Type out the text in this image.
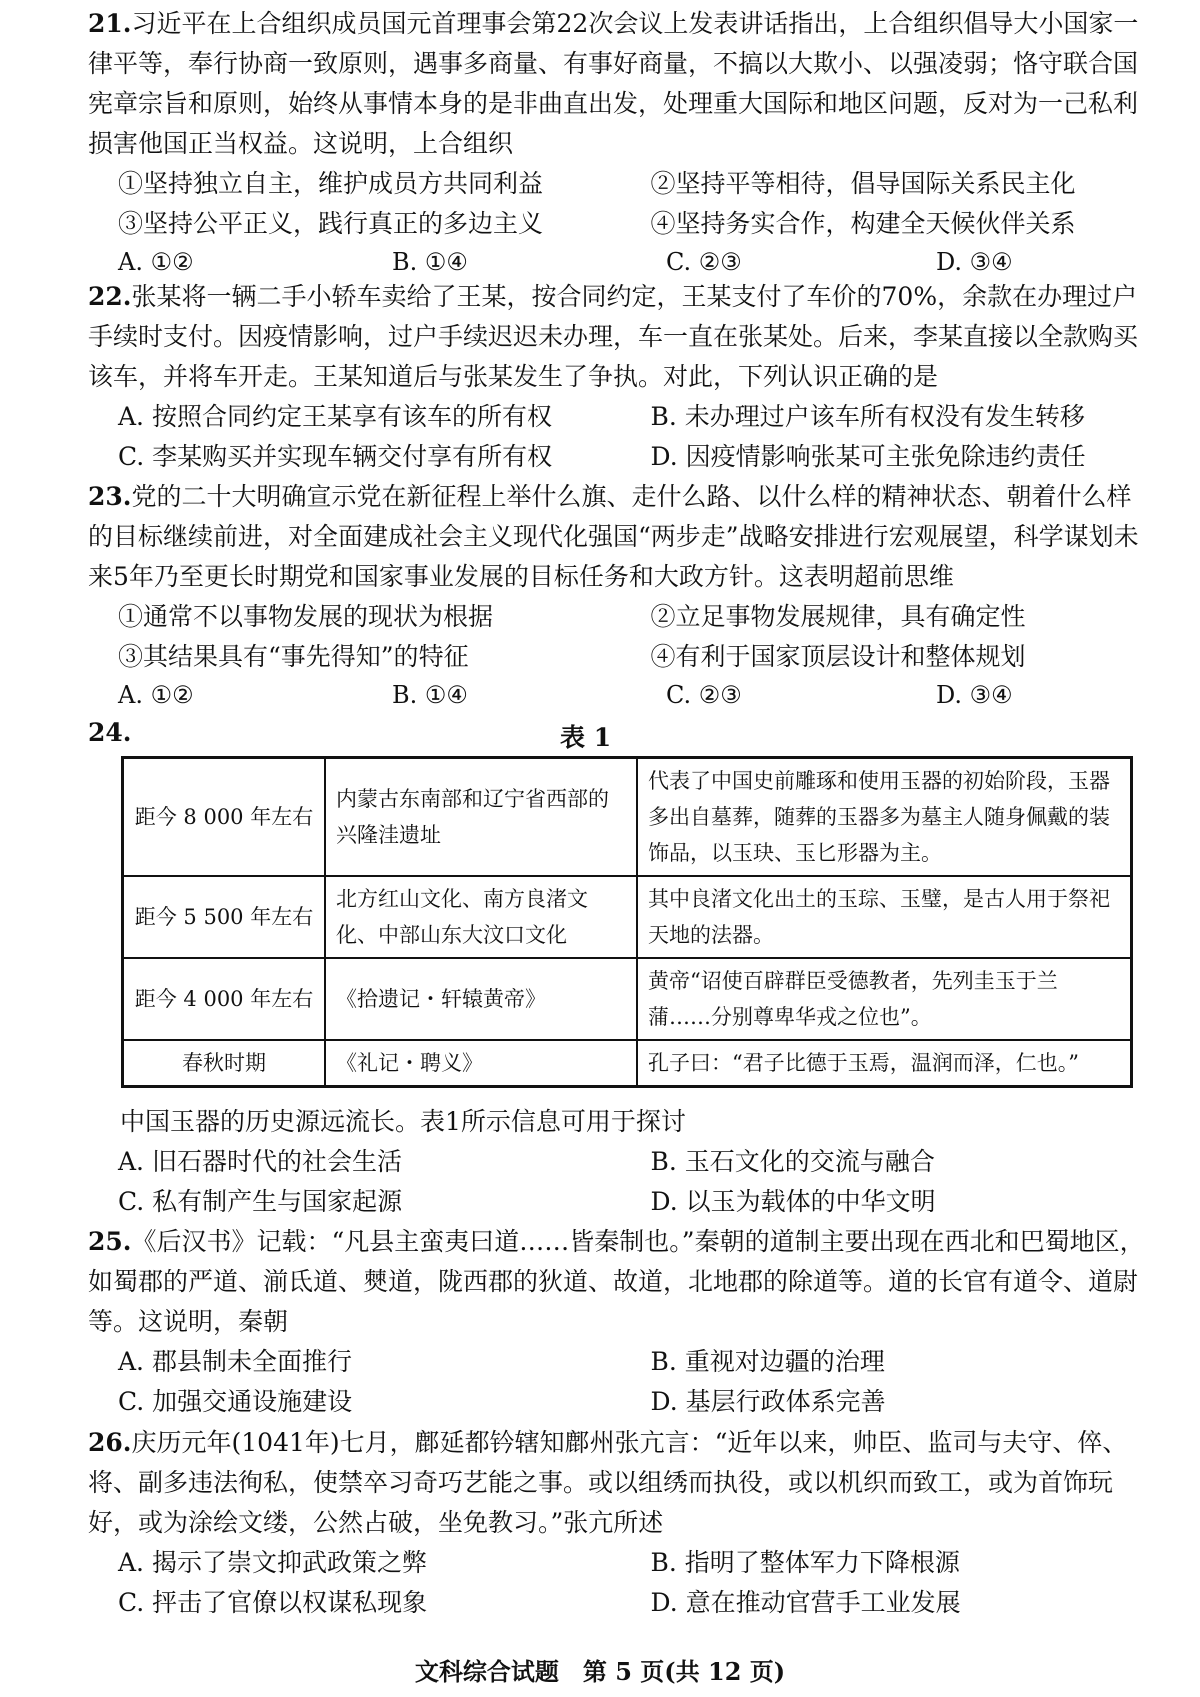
21.习近平在上合组织成员国元首理事会第22次会议上发表讲话指出，上合组织倡导大小国家一律平等，奉行协商一致原则，遇事多商量、有事好商量，不搞以大欺小、以强凌弱；恪守联合国宪章宗旨和原则，始终从事情本身的是非曲直出发，处理重大国际和地区问题，反对为一己私利损害他国正当权益。这说明，上合组织
①坚持独立自主，维护成员方共同利益	②坚持平等相待，倡导国际关系民主化
③坚持公平正义，践行真正的多边主义	④坚持务实合作，构建全天候伙伴关系
A. ①②	B. ①④	C. ②③	D. ③④
22.张某将一辆二手小轿车卖给了王某，按合同约定，王某支付了车价的70%，余款在办理过户手续时支付。因疫情影响，过户手续迟迟未办理，车一直在张某处。后来，李某直接以全款购买该车，并将车开走。王某知道后与张某发生了争执。对此，下列认识正确的是
A. 按照合同约定王某享有该车的所有权	B. 未办理过户该车所有权没有发生转移
C. 李某购买并实现车辆交付享有所有权	D. 因疫情影响张某可主张免除违约责任
23.党的二十大明确宣示党在新征程上举什么旗、走什么路、以什么样的精神状态、朝着什么样的目标继续前进，对全面建成社会主义现代化强国“两步走”战略安排进行宏观展望，科学谋划未来5年乃至更长时期党和国家事业发展的目标任务和大政方针。这表明超前思维
①通常不以事物发展的现状为根据	②立足事物发展规律，具有确定性
③其结果具有“事先得知”的特征	④有利于国家顶层设计和整体规划
A. ①②	B. ①④	C. ②③	D. ③④
24.	表 1
距今 8 000 年左右	内蒙古东南部和辽宁省西部的兴隆洼遗址	代表了中国史前雕琢和使用玉器的初始阶段，玉器多出自墓葬，随葬的玉器多为墓主人随身佩戴的装饰品，以玉玦、玉匕形器为主。
距今 5 500 年左右	北方红山文化、南方良渚文化、中部山东大汶口文化	其中良渚文化出土的玉琮、玉璧，是古人用于祭祀天地的法器。
距今 4 000 年左右	《拾遗记・轩辕黄帝》	黄帝“诏使百辟群臣受德教者，先列圭玉于兰蒲……分别尊卑华戎之位也”。
春秋时期	《礼记・聘义》	孔子曰：“君子比德于玉焉，温润而泽，仁也。”
中国玉器的历史源远流长。表1所示信息可用于探讨
A. 旧石器时代的社会生活	B. 玉石文化的交流与融合
C. 私有制产生与国家起源	D. 以玉为载体的中华文明
25.《后汉书》记载：“凡县主蛮夷曰道……皆秦制也。”秦朝的道制主要出现在西北和巴蜀地区，如蜀郡的严道、湔氐道、僰道，陇西郡的狄道、故道，北地郡的除道等。道的长官有道令、道尉等。这说明，秦朝
A. 郡县制未全面推行	B. 重视对边疆的治理
C. 加强交通设施建设	D. 基层行政体系完善
26.庆历元年(1041年)七月，鄜延都钤辖知鄜州张亢言：“近年以来，帅臣、监司与夫守、倅、将、副多违法徇私，使禁卒习奇巧艺能之事。或以组绣而执役，或以机织而致工，或为首饰玩好，或为涂绘文缕，公然占破，坐免教习。”张亢所述
A. 揭示了崇文抑武政策之弊	B. 指明了整体军力下降根源
C. 抨击了官僚以权谋私现象	D. 意在推动官营手工业发展
文科综合试题　第 5 页(共 12 页)
